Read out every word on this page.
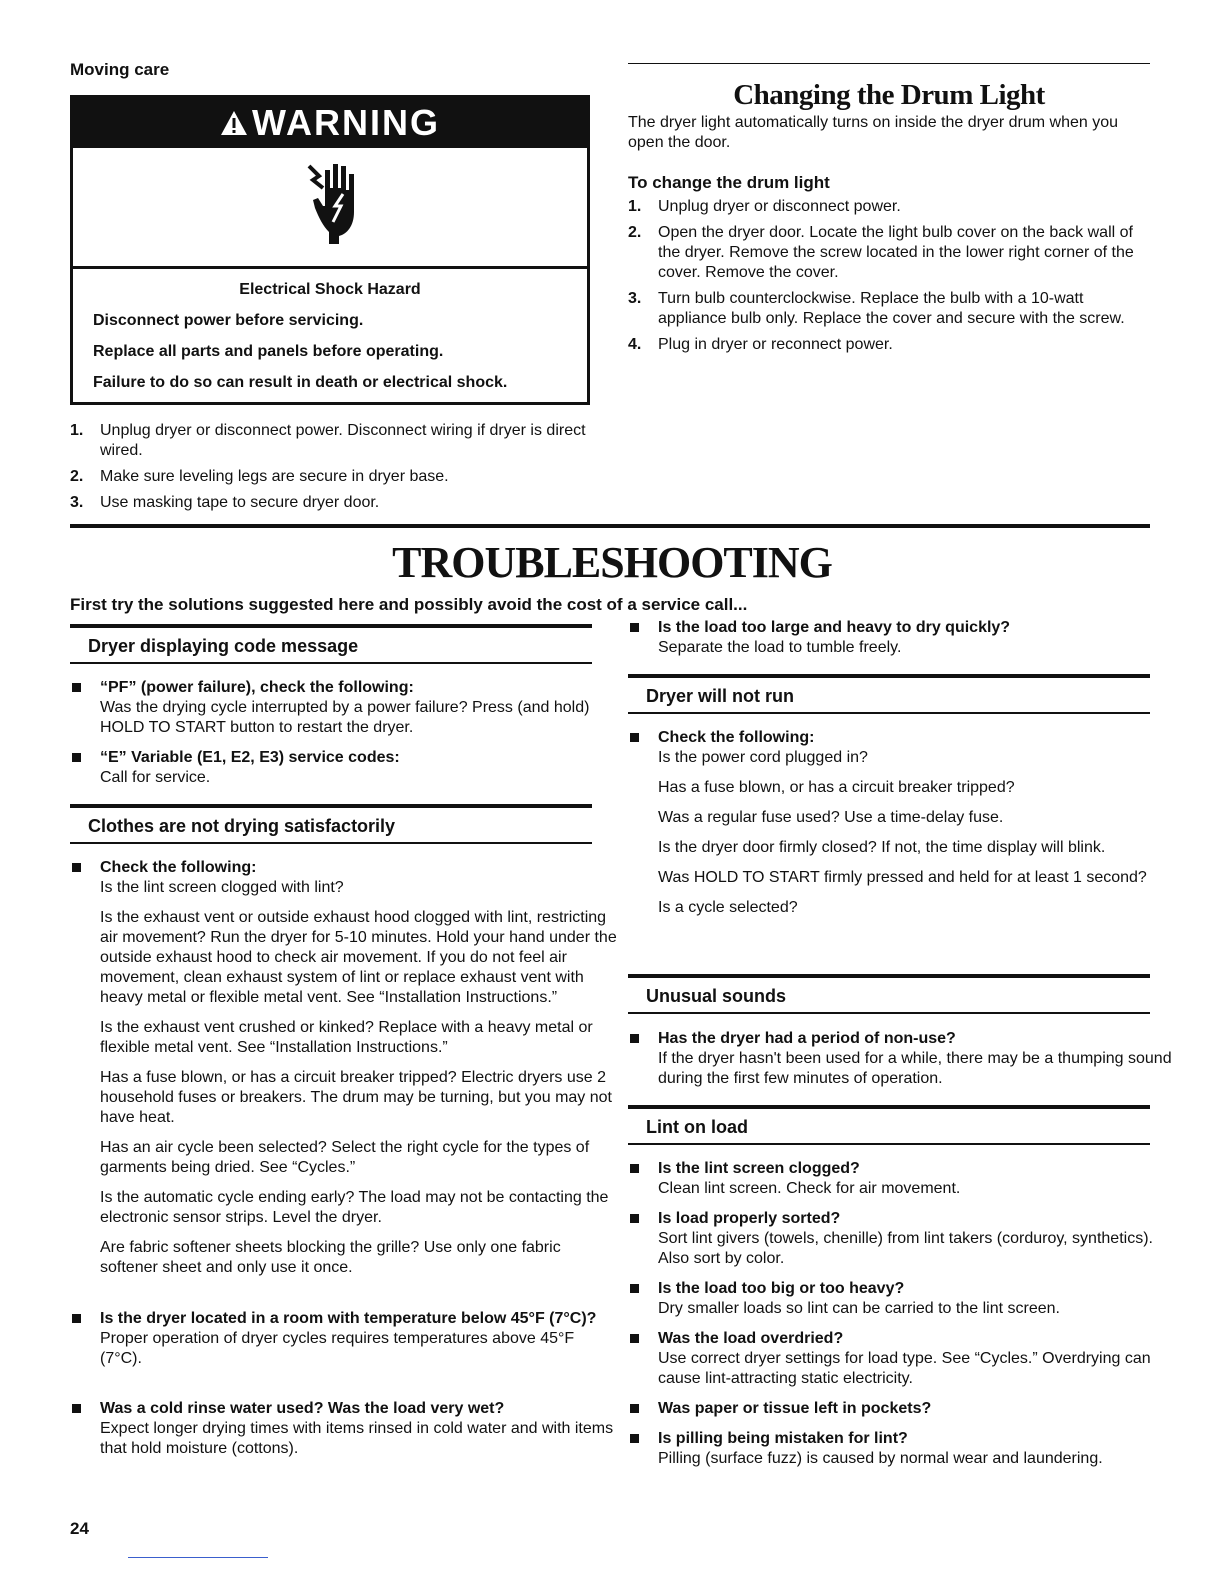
Moving care
WARNING
Electrical Shock Hazard
Disconnect power before servicing.
Replace all parts and panels before operating.
Failure to do so can result in death or electrical shock.
1. Unplug dryer or disconnect power. Disconnect wiring if dryer is direct wired.
2. Make sure leveling legs are secure in dryer base.
3. Use masking tape to secure dryer door.
Changing the Drum Light
The dryer light automatically turns on inside the dryer drum when you open the door.
To change the drum light
1. Unplug dryer or disconnect power.
2. Open the dryer door. Locate the light bulb cover on the back wall of the dryer. Remove the screw located in the lower right corner of the cover. Remove the cover.
3. Turn bulb counterclockwise. Replace the bulb with a 10-watt appliance bulb only. Replace the cover and secure with the screw.
4. Plug in dryer or reconnect power.
TROUBLESHOOTING
First try the solutions suggested here and possibly avoid the cost of a service call...
Dryer displaying code message
“PF” (power failure), check the following:

Was the drying cycle interrupted by a power failure? Press (and hold) HOLD TO START button to restart the dryer.

“E” Variable (E1, E2, E3) service codes:

Call for service.

Clothes are not drying satisfactorily
Check the following:

Is the lint screen clogged with lint?

Is the exhaust vent or outside exhaust hood clogged with lint, restricting air movement? Run the dryer for 5-10 minutes. Hold your hand under the outside exhaust hood to check air movement. If you do not feel air movement, clean exhaust system of lint or replace exhaust vent with heavy metal or flexible metal vent. See “Installation Instructions.”

Is the exhaust vent crushed or kinked? Replace with a heavy metal or flexible metal vent. See “Installation Instructions.”

Has a fuse blown, or has a circuit breaker tripped? Electric dryers use 2 household fuses or breakers. The drum may be turning, but you may not have heat.

Has an air cycle been selected? Select the right cycle for the types of garments being dried. See “Cycles.”

Is the automatic cycle ending early? The load may not be contacting the electronic sensor strips. Level the dryer.

Are fabric softener sheets blocking the grille? Use only one fabric softener sheet and only use it once.

Is the dryer located in a room with temperature below 45°F (7°C)?

Proper operation of dryer cycles requires temperatures above 45°F (7°C).

Was a cold rinse water used? Was the load very wet?

Expect longer drying times with items rinsed in cold water and with items that hold moisture (cottons).

Is the load too large and heavy to dry quickly?

Separate the load to tumble freely.

Dryer will not run
Check the following:

Is the power cord plugged in?

Has a fuse blown, or has a circuit breaker tripped?

Was a regular fuse used? Use a time-delay fuse.

Is the dryer door firmly closed? If not, the time display will blink.

Was HOLD TO START firmly pressed and held for at least 1 second?

Is a cycle selected?

Unusual sounds
Has the dryer had a period of non-use?

If the dryer hasn't been used for a while, there may be a thumping sound during the first few minutes of operation.

Lint on load
Is the lint screen clogged?

Clean lint screen. Check for air movement.

Is load properly sorted?

Sort lint givers (towels, chenille) from lint takers (corduroy, synthetics). Also sort by color.

Is the load too big or too heavy?

Dry smaller loads so lint can be carried to the lint screen.

Was the load overdried?

Use correct dryer settings for load type. See “Cycles.” Overdrying can cause lint-attracting static electricity.

Was paper or tissue left in pockets?
Is pilling being mistaken for lint?

Pilling (surface fuzz) is caused by normal wear and laundering.

24
